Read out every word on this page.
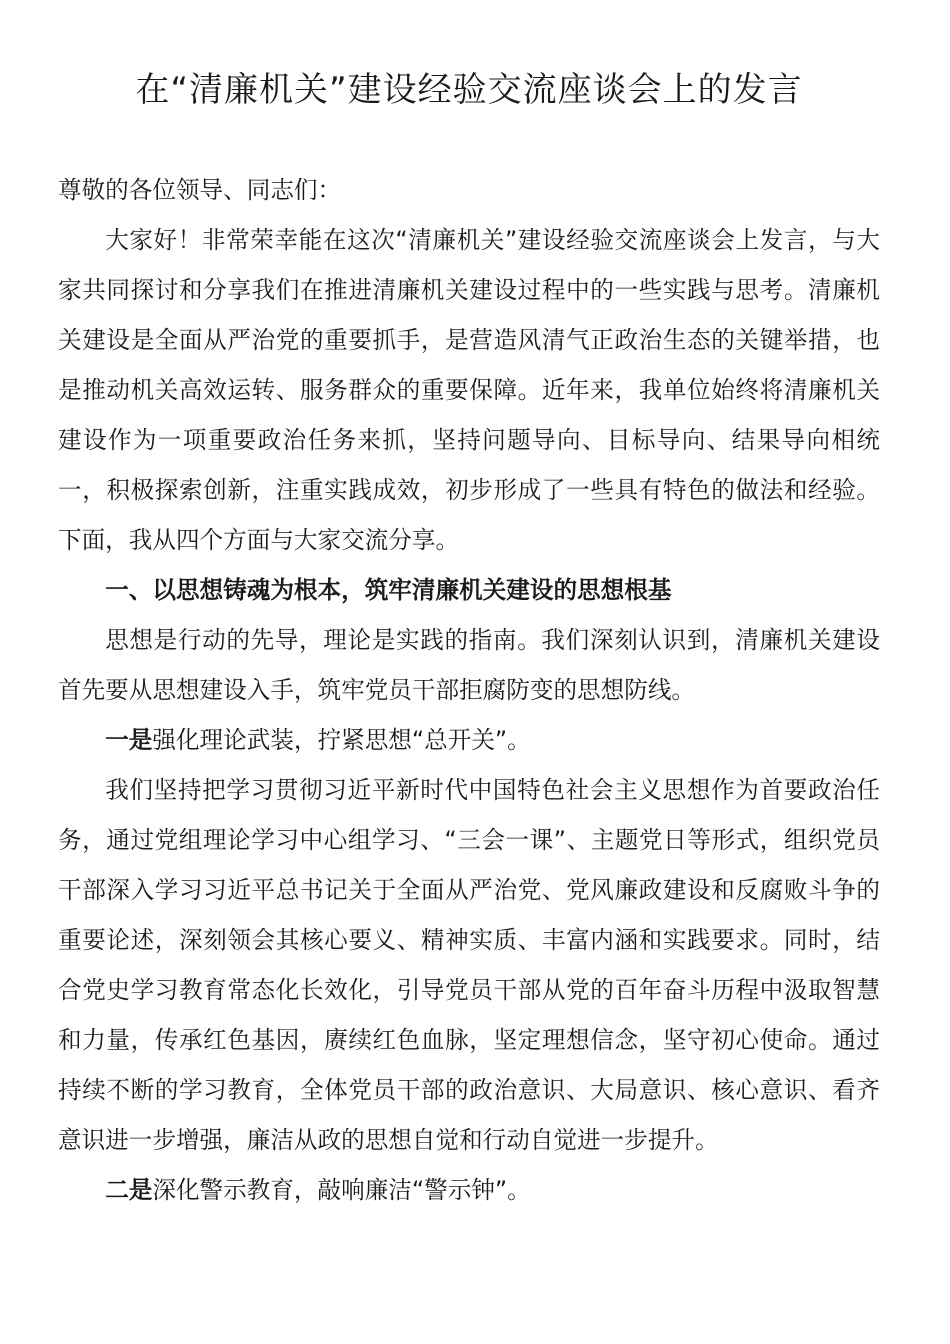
在“清廉机关”建设经验交流座谈会上的发言

尊敬的各位领导、同志们：

大家好！非常荣幸能在这次“清廉机关”建设经验交流座谈会上发言，与大家共同探讨和分享我们在推进清廉机关建设过程中的一些实践与思考。清廉机关建设是全面从严治党的重要抓手，是营造风清气正政治生态的关键举措，也是推动机关高效运转、服务群众的重要保障。近年来，我单位始终将清廉机关建设作为一项重要政治任务来抓，坚持问题导向、目标导向、结果导向相统一，积极探索创新，注重实践成效，初步形成了一些具有特色的做法和经验。下面，我从四个方面与大家交流分享。

一、以思想铸魂为根本，筑牢清廉机关建设的思想根基

思想是行动的先导，理论是实践的指南。我们深刻认识到，清廉机关建设首先要从思想建设入手，筑牢党员干部拒腐防变的思想防线。

一是强化理论武装，拧紧思想“总开关”。

我们坚持把学习贯彻习近平新时代中国特色社会主义思想作为首要政治任务，通过党组理论学习中心组学习、“三会一课”、主题党日等形式，组织党员干部深入学习习近平总书记关于全面从严治党、党风廉政建设和反腐败斗争的重要论述，深刻领会其核心要义、精神实质、丰富内涵和实践要求。同时，结合党史学习教育常态化长效化，引导党员干部从党的百年奋斗历程中汲取智慧和力量，传承红色基因，赓续红色血脉，坚定理想信念，坚守初心使命。通过持续不断的学习教育，全体党员干部的政治意识、大局意识、核心意识、看齐意识进一步增强，廉洁从政的思想自觉和行动自觉进一步提升。

二是深化警示教育，敲响廉洁“警示钟”。
